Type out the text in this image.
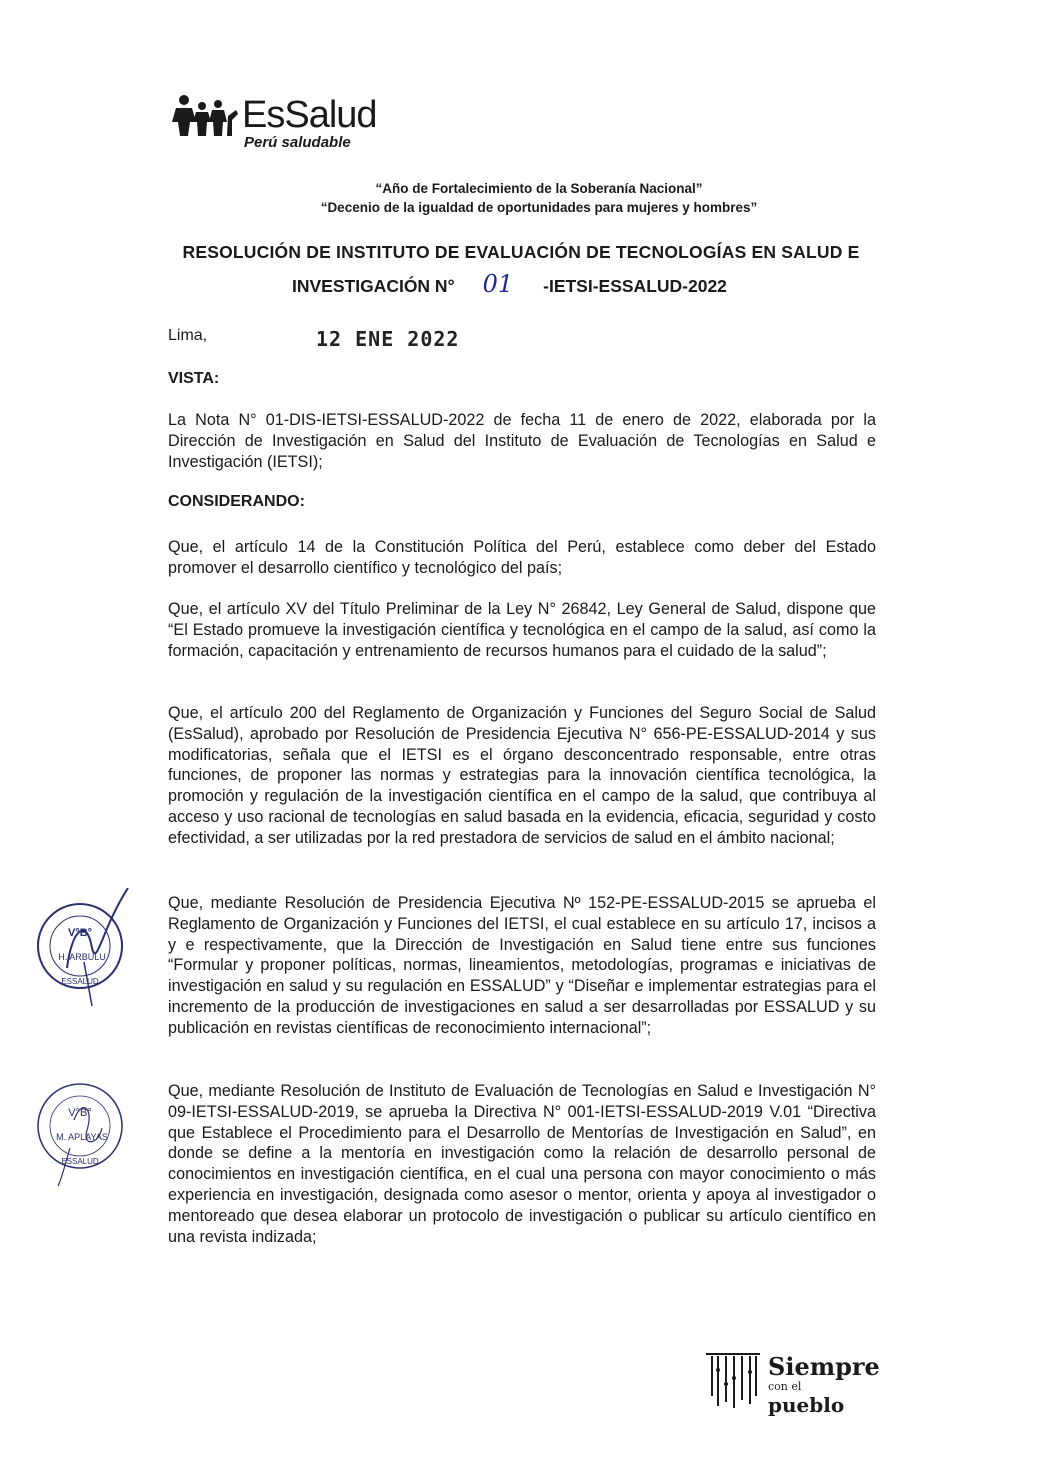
EsSalud
Perú saludable
“Año de Fortalecimiento de la Soberanía Nacional”
“Decenio de la igualdad de oportunidades para mujeres y hombres”
RESOLUCIÓN DE INSTITUTO DE EVALUACIÓN DE TECNOLOGÍAS EN SALUD E
INVESTIGACIÓN N° 01 -IETSI-ESSALUD-2022
Lima,	12 ENE 2022
VISTA:
La Nota N° 01-DIS-IETSI-ESSALUD-2022 de fecha 11 de enero de 2022, elaborada por la Dirección de Investigación en Salud del Instituto de Evaluación de Tecnologías en Salud e Investigación (IETSI);
CONSIDERANDO:
Que, el artículo 14 de la Constitución Política del Perú, establece como deber del Estado promover el desarrollo científico y tecnológico del país;
Que, el artículo XV del Título Preliminar de la Ley N° 26842, Ley General de Salud, dispone que “El Estado promueve la investigación científica y tecnológica en el campo de la salud, así como la formación, capacitación y entrenamiento de recursos humanos para el cuidado de la salud”;
Que, el artículo 200 del Reglamento de Organización y Funciones del Seguro Social de Salud (EsSalud), aprobado por Resolución de Presidencia Ejecutiva N° 656-PE-ESSALUD-2014 y sus modificatorias, señala que el IETSI es el órgano desconcentrado responsable, entre otras funciones, de proponer las normas y estrategias para la innovación científica tecnológica, la promoción y regulación de la investigación científica en el campo de la salud, que contribuya al acceso y uso racional de tecnologías en salud basada en la evidencia, eficacia, seguridad y costo efectividad, a ser utilizadas por la red prestadora de servicios de salud en el ámbito nacional;
Que, mediante Resolución de Presidencia Ejecutiva Nº 152-PE-ESSALUD-2015 se aprueba el Reglamento de Organización y Funciones del IETSI, el cual establece en su artículo 17, incisos a y e respectivamente, que la Dirección de Investigación en Salud tiene entre sus funciones “Formular y proponer políticas, normas, lineamientos, metodologías, programas e iniciativas de investigación en salud y su regulación en ESSALUD” y “Diseñar e implementar estrategias para el incremento de la producción de investigaciones en salud a ser desarrolladas por ESSALUD y su publicación en revistas científicas de reconocimiento internacional”;
Que, mediante Resolución de Instituto de Evaluación de Tecnologías en Salud e Investigación N° 09-IETSI-ESSALUD-2019, se aprueba la Directiva N° 001-IETSI-ESSALUD-2019 V.01 “Directiva que Establece el Procedimiento para el Desarrollo de Mentorías de Investigación en Salud”, en donde se define a la mentoría en investigación como la relación de desarrollo personal de conocimientos en investigación científica, en el cual una persona con mayor conocimiento o más experiencia en investigación, designada como asesor o mentor, orienta y apoya al investigador o mentoreado que desea elaborar un protocolo de investigación o publicar su artículo científico en una revista indizada;
V°B°
H. ARBULU
ESSALUD
V°B°
M. APLAYAS
ESSALUD
Siempre
con el pueblo
